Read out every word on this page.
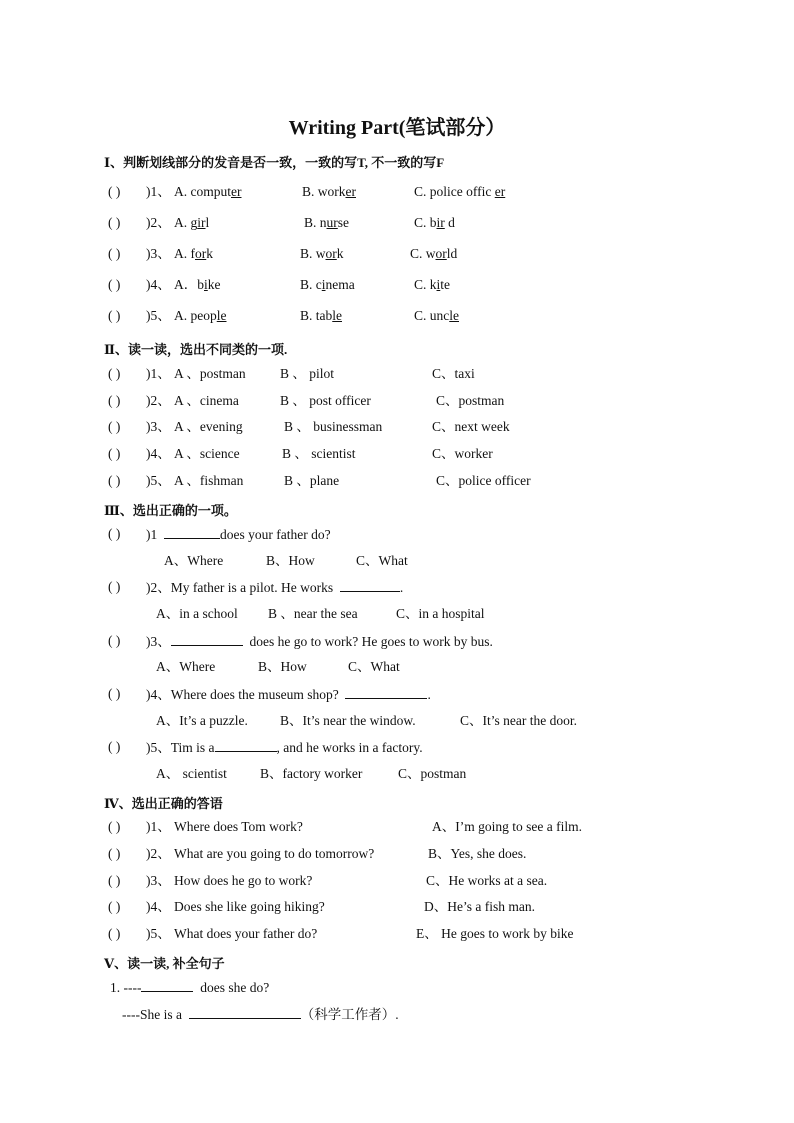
Writing Part(笔试部分）
Ⅰ、判断划线部分的发音是否一致，一致的写T, 不一致的写F
( ) )1、 A. computer	B. worker	C. police offic er
( ) )2、 A. girl	B. nurse	C. bir d
( ) )3、 A. fork	B. work	C. world
( ) )4、 A．bike	B. cinema	C. kite
( ) )5、 A. people	B. table	C. uncle
Ⅱ、读一读，选出不同类的一项.
( ) )1、 A 、postman	B 、 pilot	C、taxi
( ) )2、 A 、cinema	B 、 post officer	C、postman
( ) )3、 A 、evening	B 、 businessman	C、next week
( ) )4、 A 、science	B 、 scientist	C、worker
( ) )5、 A 、fishman	B 、plane	C、police officer
Ⅲ、选出正确的一项。
( ) )1	does your father do?
A、Where	B、How	C、What
( ) )2、My father is a pilot. He works	.
A、in a school B 、near the sea	C、in a hospital
( ) )3、	does he go to work? He goes to work by bus.
A、Where	B、How	C、What
( ) )4、Where does the museum shop?	.
A、It’s a puzzle. B、It’s near the window.	C、It’s near the door.
( ) )5、Tim is a	, and he works in a factory.
A、 scientist B、factory worker	C、postman
Ⅳ、选出正确的答语
( ) )1、 Where does Tom work?	A、I’m going to see a film.
( ) )2、 What are you going to do tomorrow?	B、Yes, she does.
( ) )3、 How does he go to work?	C、He works at a sea.
( ) )4、 Does she like going hiking?	D、He’s a fish man.
( ) )5、 What does your father do?	E、 He goes to work by bike
Ⅴ、读一读, 补全句子
1. ----	does she do?
----She is a	（科学工作者）.
